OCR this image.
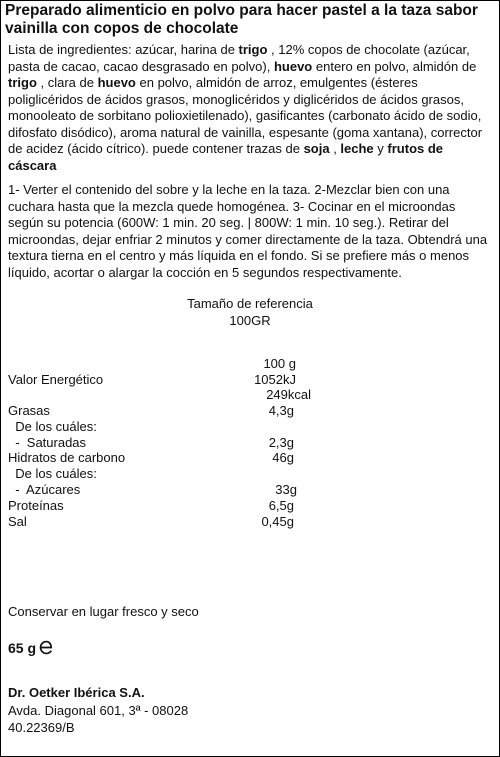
Preparado alimenticio en polvo para hacer pastel a la taza sabor vainilla con copos de chocolate
Lista de ingredientes: azúcar, harina de trigo , 12% copos de chocolate (azúcar, pasta de cacao, cacao desgrasado en polvo), huevo entero en polvo, almidón de trigo , clara de huevo en polvo, almidón de arroz, emulgentes (ésteres poliglicéridos de ácidos grasos, monoglicéridos y diglicéridos de ácidos grasos, monooleato de sorbitano polioxietilenado), gasificantes (carbonato ácido de sodio, difosfato disódico), aroma natural de vainilla, espesante (goma xantana), corrector de acidez (ácido cítrico). puede contener trazas de soja , leche y frutos de cáscara
1- Verter el contenido del sobre y la leche en la taza. 2-Mezclar bien con una cuchara hasta que la mezcla quede homogénea. 3- Cocinar en el microondas según su potencia (600W: 1 min. 20 seg. | 800W: 1 min. 10 seg.). Retirar del microondas, dejar enfriar 2 minutos y comer directamente de la taza. Obtendrá una textura tierna en el centro y más líquida en el fondo. Si se prefiere más o menos líquido, acortar o alargar la cocción en 5 segundos respectivamente.
Tamaño de referencia
100GR
100 g
Valor Energético	1052kJ
249kcal
Grasas	4,3g
De los cuáles:
-  Saturadas	2,3g
Hidratos de carbono	46g
De los cuáles:
-  Azúcares	33g
Proteínas	6,5g
Sal	0,45g
Conservar en lugar fresco y seco
65 g
Dr. Oetker Ibérica S.A.
Avda. Diagonal 601, 3ª - 08028
40.22369/B
